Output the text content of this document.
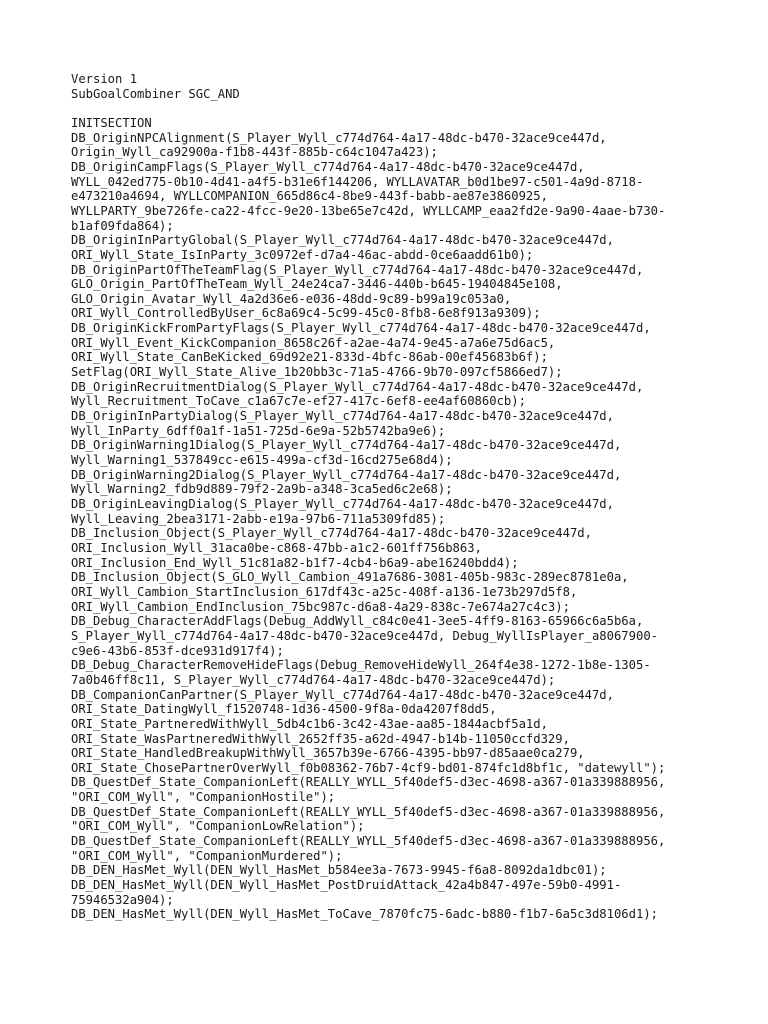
Version 1
SubGoalCombiner SGC_AND
INITSECTION
DB_OriginNPCAlignment(S_Player_Wyll_c774d764-4a17-48dc-b470-32ace9ce447d,
Origin_Wyll_ca92900a-f1b8-443f-885b-c64c1047a423);
DB_OriginCampFlags(S_Player_Wyll_c774d764-4a17-48dc-b470-32ace9ce447d,
WYLL_042ed775-0b10-4d41-a4f5-b31e6f144206, WYLLAVATAR_b0d1be97-c501-4a9d-8718-
e473210a4694, WYLLCOMPANION_665d86c4-8be9-443f-babb-ae87e3860925,
WYLLPARTY_9be726fe-ca22-4fcc-9e20-13be65e7c42d, WYLLCAMP_eaa2fd2e-9a90-4aae-b730-
b1af09fda864);
DB_OriginInPartyGlobal(S_Player_Wyll_c774d764-4a17-48dc-b470-32ace9ce447d,
ORI_Wyll_State_IsInParty_3c0972ef-d7a4-46ac-abdd-0ce6aadd61b0);
DB_OriginPartOfTheTeamFlag(S_Player_Wyll_c774d764-4a17-48dc-b470-32ace9ce447d,
GLO_Origin_PartOfTheTeam_Wyll_24e24ca7-3446-440b-b645-19404845e108,
GLO_Origin_Avatar_Wyll_4a2d36e6-e036-48dd-9c89-b99a19c053a0,
ORI_Wyll_ControlledByUser_6c8a69c4-5c99-45c0-8fb8-6e8f913a9309);
DB_OriginKickFromPartyFlags(S_Player_Wyll_c774d764-4a17-48dc-b470-32ace9ce447d,
ORI_Wyll_Event_KickCompanion_8658c26f-a2ae-4a74-9e45-a7a6e75d6ac5,
ORI_Wyll_State_CanBeKicked_69d92e21-833d-4bfc-86ab-00ef45683b6f);
SetFlag(ORI_Wyll_State_Alive_1b20bb3c-71a5-4766-9b70-097cf5866ed7);
DB_OriginRecruitmentDialog(S_Player_Wyll_c774d764-4a17-48dc-b470-32ace9ce447d,
Wyll_Recruitment_ToCave_c1a67c7e-ef27-417c-6ef8-ee4af60860cb);
DB_OriginInPartyDialog(S_Player_Wyll_c774d764-4a17-48dc-b470-32ace9ce447d,
Wyll_InParty_6dff0a1f-1a51-725d-6e9a-52b5742ba9e6);
DB_OriginWarning1Dialog(S_Player_Wyll_c774d764-4a17-48dc-b470-32ace9ce447d,
Wyll_Warning1_537849cc-e615-499a-cf3d-16cd275e68d4);
DB_OriginWarning2Dialog(S_Player_Wyll_c774d764-4a17-48dc-b470-32ace9ce447d,
Wyll_Warning2_fdb9d889-79f2-2a9b-a348-3ca5ed6c2e68);
DB_OriginLeavingDialog(S_Player_Wyll_c774d764-4a17-48dc-b470-32ace9ce447d,
Wyll_Leaving_2bea3171-2abb-e19a-97b6-711a5309fd85);
DB_Inclusion_Object(S_Player_Wyll_c774d764-4a17-48dc-b470-32ace9ce447d,
ORI_Inclusion_Wyll_31aca0be-c868-47bb-a1c2-601ff756b863,
ORI_Inclusion_End_Wyll_51c81a82-b1f7-4cb4-b6a9-abe16240bdd4);
DB_Inclusion_Object(S_GLO_Wyll_Cambion_491a7686-3081-405b-983c-289ec8781e0a,
ORI_Wyll_Cambion_StartInclusion_617df43c-a25c-408f-a136-1e73b297d5f8,
ORI_Wyll_Cambion_EndInclusion_75bc987c-d6a8-4a29-838c-7e674a27c4c3);
DB_Debug_CharacterAddFlags(Debug_AddWyll_c84c0e41-3ee5-4ff9-8163-65966c6a5b6a,
S_Player_Wyll_c774d764-4a17-48dc-b470-32ace9ce447d, Debug_WyllIsPlayer_a8067900-
c9e6-43b6-853f-dce931d917f4);
DB_Debug_CharacterRemoveHideFlags(Debug_RemoveHideWyll_264f4e38-1272-1b8e-1305-
7a0b46ff8c11, S_Player_Wyll_c774d764-4a17-48dc-b470-32ace9ce447d);
DB_CompanionCanPartner(S_Player_Wyll_c774d764-4a17-48dc-b470-32ace9ce447d,
ORI_State_DatingWyll_f1520748-1d36-4500-9f8a-0da4207f8dd5,
ORI_State_PartneredWithWyll_5db4c1b6-3c42-43ae-aa85-1844acbf5a1d,
ORI_State_WasPartneredWithWyll_2652ff35-a62d-4947-b14b-11050ccfd329,
ORI_State_HandledBreakupWithWyll_3657b39e-6766-4395-bb97-d85aae0ca279,
ORI_State_ChosePartnerOverWyll_f0b08362-76b7-4cf9-bd01-874fc1d8bf1c, "datewyll");
DB_QuestDef_State_CompanionLeft(REALLY_WYLL_5f40def5-d3ec-4698-a367-01a339888956,
"ORI_COM_Wyll", "CompanionHostile");
DB_QuestDef_State_CompanionLeft(REALLY_WYLL_5f40def5-d3ec-4698-a367-01a339888956,
"ORI_COM_Wyll", "CompanionLowRelation");
DB_QuestDef_State_CompanionLeft(REALLY_WYLL_5f40def5-d3ec-4698-a367-01a339888956,
"ORI_COM_Wyll", "CompanionMurdered");
DB_DEN_HasMet_Wyll(DEN_Wyll_HasMet_b584ee3a-7673-9945-f6a8-8092da1dbc01);
DB_DEN_HasMet_Wyll(DEN_Wyll_HasMet_PostDruidAttack_42a4b847-497e-59b0-4991-
75946532a904);
DB_DEN_HasMet_Wyll(DEN_Wyll_HasMet_ToCave_7870fc75-6adc-b880-f1b7-6a5c3d8106d1);
